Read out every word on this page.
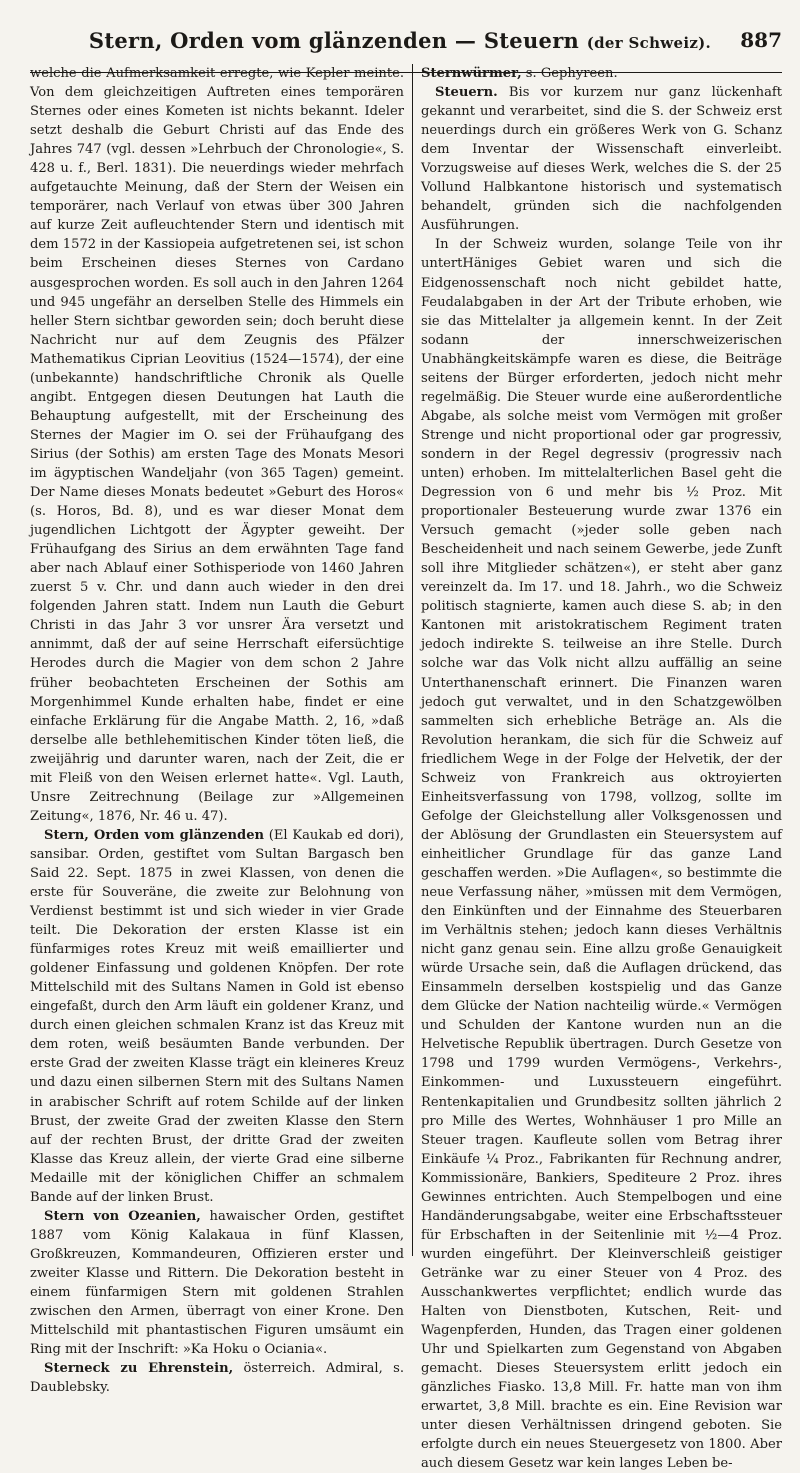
Stern, Orden vom glänzenden — Steuern (der Schweiz).	887

welche die Aufmerksamkeit erregte, wie Kepler meinte. Von dem gleichzeitigen Auftreten eines temporären Sternes oder eines Kometen ist nichts bekannt. Ideler setzt deshalb die Geburt Christi auf das Ende des Jahres 747 (vgl. dessen »Lehrbuch der Chronologie«, S. 428 u. f., Berl. 1831). Die neuerdings wieder mehrfach aufgetauchte Meinung, daß der Stern der Weisen ein temporärer, nach Verlauf von etwas über 300 Jahren auf kurze Zeit aufleuchtender Stern und identisch mit dem 1572 in der Kassiopeia aufgetretenen sei, ist schon beim Erscheinen dieses Sternes von Cardano ausgesprochen worden. Es soll auch in den Jahren 1264 und 945 ungefähr an derselben Stelle des Himmels ein heller Stern sichtbar geworden sein; doch beruht diese Nachricht nur auf dem Zeugnis des Pfälzer Mathematikus Ciprian Leovitius (1524—1574), der eine (unbekannte) handschriftliche Chronik als Quelle angibt. Entgegen diesen Deutungen hat Lauth die Behauptung aufgestellt, mit der Erscheinung des Sternes der Magier im O. sei der Frühaufgang des Sirius (der Sothis) am ersten Tage des Monats Mesori im ägyptischen Wandeljahr (von 365 Tagen) gemeint. Der Name dieses Monats bedeutet »Geburt des Horos« (s. Horos, Bd. 8), und es war dieser Monat dem jugendlichen Lichtgott der Ägypter geweiht. Der Frühaufgang des Sirius an dem erwähnten Tage fand aber nach Ablauf einer Sothisperiode von 1460 Jahren zuerst 5 v. Chr. und dann auch wieder in den drei folgenden Jahren statt. Indem nun Lauth die Geburt Christi in das Jahr 3 vor unsrer Ära versetzt und annimmt, daß der auf seine Herrschaft eifersüchtige Herodes durch die Magier von dem schon 2 Jahre früher beobachteten Erscheinen der Sothis am Morgenhimmel Kunde erhalten habe, findet er eine einfache Erklärung für die Angabe Matth. 2, 16, »daß derselbe alle bethlehemitischen Kinder töten ließ, die zweijährig und darunter waren, nach der Zeit, die er mit Fleiß von den Weisen erlernet hatte«. Vgl. Lauth, Unsre Zeitrechnung (Beilage zur »Allgemeinen Zeitung«, 1876, Nr. 46 u. 47).

Stern, Orden vom glänzenden (El Kaukab ed dori), sansibar. Orden, gestiftet vom Sultan Bargasch ben Said 22. Sept. 1875 in zwei Klassen, von denen die erste für Souveräne, die zweite zur Belohnung von Verdienst bestimmt ist und sich wieder in vier Grade teilt. Die Dekoration der ersten Klasse ist ein fünfarmiges rotes Kreuz mit weiß emaillierter und goldener Einfassung und goldenen Knöpfen. Der rote Mittelschild mit des Sultans Namen in Gold ist ebenso eingefaßt, durch den Arm läuft ein goldener Kranz, und durch einen gleichen schmalen Kranz ist das Kreuz mit dem roten, weiß besäumten Bande verbunden. Der erste Grad der zweiten Klasse trägt ein kleineres Kreuz und dazu einen silbernen Stern mit des Sultans Namen in arabischer Schrift auf rotem Schilde auf der linken Brust, der zweite Grad der zweiten Klasse den Stern auf der rechten Brust, der dritte Grad der zweiten Klasse das Kreuz allein, der vierte Grad eine silberne Medaille mit der königlichen Chiffer an schmalem Bande auf der linken Brust.

Stern von Ozeanien, hawaischer Orden, gestiftet 1887 vom König Kalakaua in fünf Klassen, Großkreuzen, Kommandeuren, Offizieren erster und zweiter Klasse und Rittern. Die Dekoration besteht in einem fünfarmigen Stern mit goldenen Strahlen zwischen den Armen, überragt von einer Krone. Den Mittelschild mit phantastischen Figuren umsäumt ein Ring mit der Inschrift: »Ka Hoku o Ociania«.

Sterneck zu Ehrenstein, österreich. Admiral, s. Daublebsky.

Sternwürmer, s. Gephyreen.

Steuern. Bis vor kurzem nur ganz lückenhaft gekannt und verarbeitet, sind die S. der Schweiz erst neuerdings durch ein größeres Werk von G. Schanz dem Inventar der Wissenschaft einverleibt. Vorzugsweise auf dieses Werk, welches die S. der 25 Vollund Halbkantone historisch und systematisch behandelt, gründen sich die nachfolgenden Ausführungen.

In der Schweiz wurden, solange Teile von ihr untertHäniges Gebiet waren und sich die Eidgenossenschaft noch nicht gebildet hatte, Feudalabgaben in der Art der Tribute erhoben, wie sie das Mittelalter ja allgemein kennt. In der Zeit sodann der innerschweizerischen Unabhängkeitskämpfe waren es diese, die Beiträge seitens der Bürger erforderten, jedoch nicht mehr regelmäßig. Die Steuer wurde eine außerordentliche Abgabe, als solche meist vom Vermögen mit großer Strenge und nicht proportional oder gar progressiv, sondern in der Regel degressiv (progressiv nach unten) erhoben. Im mittelalterlichen Basel geht die Degression von 6 und mehr bis ½ Proz. Mit proportionaler Besteuerung wurde zwar 1376 ein Versuch gemacht (»jeder solle geben nach Bescheidenheit und nach seinem Gewerbe, jede Zunft soll ihre Mitglieder schätzen«), er steht aber ganz vereinzelt da. Im 17. und 18. Jahrh., wo die Schweiz politisch stagnierte, kamen auch diese S. ab; in den Kantonen mit aristokratischem Regiment traten jedoch indirekte S. teilweise an ihre Stelle. Durch solche war das Volk nicht allzu auffällig an seine Unterthanenschaft erinnert. Die Finanzen waren jedoch gut verwaltet, und in den Schatzgewölben sammelten sich erhebliche Beträge an. Als die Revolution herankam, die sich für die Schweiz auf friedlichem Wege in der Folge der Helvetik, der der Schweiz von Frankreich aus oktroyierten Einheitsverfassung von 1798, vollzog, sollte im Gefolge der Gleichstellung aller Volksgenossen und der Ablösung der Grundlasten ein Steuersystem auf einheitlicher Grundlage für das ganze Land geschaffen werden. »Die Auflagen«, so bestimmte die neue Verfassung näher, »müssen mit dem Vermögen, den Einkünften und der Einnahme des Steuerbaren im Verhältnis stehen; jedoch kann dieses Verhältnis nicht ganz genau sein. Eine allzu große Genauigkeit würde Ursache sein, daß die Auflagen drückend, das Einsammeln derselben kostspielig und das Ganze dem Glücke der Nation nachteilig würde.« Vermögen und Schulden der Kantone wurden nun an die Helvetische Republik übertragen. Durch Gesetze von 1798 und 1799 wurden Vermögens-, Verkehrs-, Einkommen- und Luxussteuern eingeführt. Rentenkapitalien und Grundbesitz sollten jährlich 2 pro Mille des Wertes, Wohnhäuser 1 pro Mille an Steuer tragen. Kaufleute sollen vom Betrag ihrer Einkäufe ¼ Proz., Fabrikanten für Rechnung andrer, Kommissionäre, Bankiers, Spediteure 2 Proz. ihres Gewinnes entrichten. Auch Stempelbogen und eine Handänderungsabgabe, weiter eine Erbschaftssteuer für Erbschaften in der Seitenlinie mit ½—4 Proz. wurden eingeführt. Der Kleinverschleiß geistiger Getränke war zu einer Steuer von 4 Proz. des Ausschankwertes verpflichtet; endlich wurde das Halten von Dienstboten, Kutschen, Reit- und Wagenpferden, Hunden, das Tragen einer goldenen Uhr und Spielkarten zum Gegenstand von Abgaben gemacht. Dieses Steuersystem erlitt jedoch ein gänzliches Fiasko. 13,8 Mill. Fr. hatte man von ihm erwartet, 3,8 Mill. brachte es ein. Eine Revision war unter diesen Verhältnissen dringend geboten. Sie erfolgte durch ein neues Steuergesetz von 1800. Aber auch diesem Gesetz war kein langes Leben be-
